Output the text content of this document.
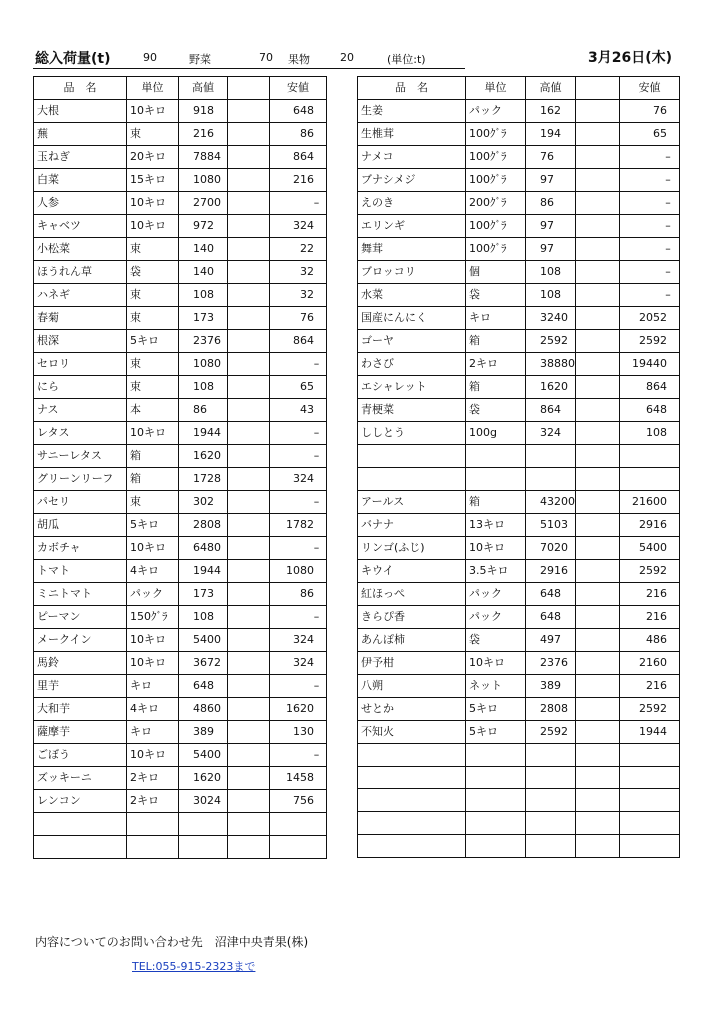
総入荷量(t)	90	野菜	70 果物	20	(単位:t)	3月26日(木)
品　名	単位	高値		安値
大根	10キロ	918		648
蕪	束	216		86
玉ねぎ	20キロ	7884		864
白菜	15キロ	1080		216
人参	10キロ	2700		–
キャベツ	10キロ	972		324
小松菜	束	140		22
ほうれん草	袋	140		32
ハネギ	束	108		32
春菊	束	173		76
根深	5キロ	2376		864
セロリ	束	1080		–
にら	束	108		65
ナス	本	86		43
レタス	10キロ	1944		–
サニーレタス	箱	1620		–
グリーンリーフ	箱	1728		324
パセリ	束	302		–
胡瓜	5キロ	2808		1782
カボチャ	10キロ	6480		–
トマト	4キロ	1944		1080
ミニトマト	パック	173		86
ピーマン	150ｸﾞﾗ	108		–
メークイン	10キロ	5400		324
馬鈴	10キロ	3672		324
里芋	キロ	648		–
大和芋	4キロ	4860		1620
薩摩芋	キロ	389		130
ごぼう	10キロ	5400		–
ズッキーニ	2キロ	1620		1458
レンコン	2キロ	3024		756

品　名	単位	高値		安値
生姜	パック	162		76
生椎茸	100ｸﾞﾗ	194		65
ナメコ	100ｸﾞﾗ	76		–
ブナシメジ	100ｸﾞﾗ	97		–
えのき	200ｸﾞﾗ	86		–
エリンギ	100ｸﾞﾗ	97		–
舞茸	100ｸﾞﾗ	97		–
ブロッコリ	個	108		–
水菜	袋	108		–
国産にんにく	キロ	3240		2052
ゴーヤ	箱	2592		2592
わさび	2キロ	38880		19440
エシャレット	箱	1620		864
青梗菜	袋	864		648
ししとう	100g	324		108

アールス	箱	43200		21600
バナナ	13キロ	5103		2916
リンゴ(ふじ)	10キロ	7020		5400
キウイ	3.5キロ	2916		2592
紅ほっぺ	パック	648		216
きらぴ香	パック	648		216
あんぽ柿	袋	497		486
伊予柑	10キロ	2376		2160
八朔	ネット	389		216
せとか	5キロ	2808		2592
不知火	5キロ	2592		1944

内容についてのお問い合わせ先　沼津中央青果(株)
TEL:055-915-2323まで
